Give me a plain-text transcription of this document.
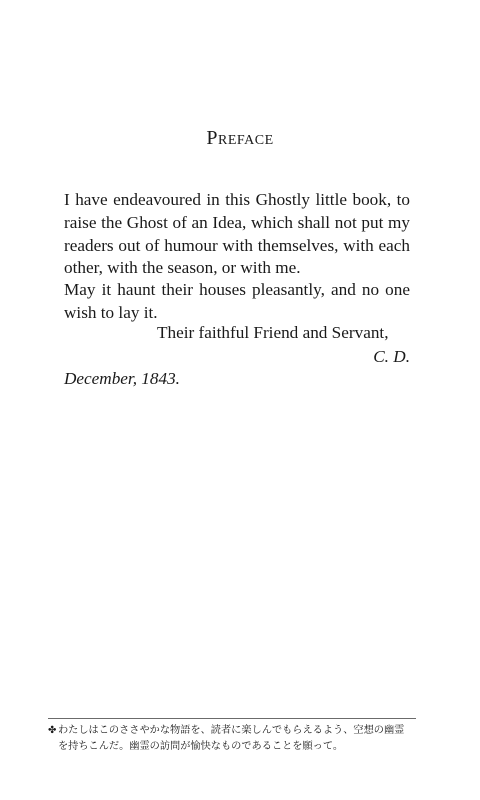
Preface
I have endeavoured in this Ghostly little book, to
raise the Ghost of an Idea, which shall not put my
readers out of humour with themselves, with each
other, with the season, or with me.
May it haunt their houses pleasantly, and no one
wish to lay it.
Their faithful Friend and Servant,
C. D.
December, 1843.
✤ わたしはこのささやかな物語を、読者に楽しんでもらえるよう、空想の幽霊
を持ちこんだ。幽霊の訪問が愉快なものであることを願って。
